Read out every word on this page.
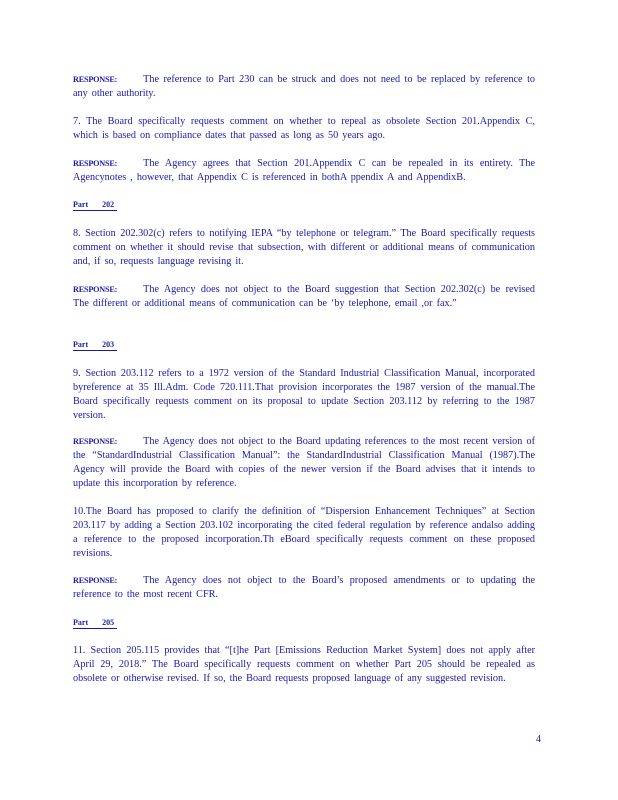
RESPONSE:	The reference to Part 230 can be struck and does not need to be replaced by reference to any other authority.
7. The Board specifically requests comment on whether to repeal as obsolete Section 201.Appendix C, which is based on compliance dates that passed as long as 50 years ago.
RESPONSE:	The Agency agrees that Section 201.Appendix C can be repealed in its entirety. The Agencynotes , however, that Appendix C is referenced in bothA ppendix A and AppendixB.
Part 202
8. Section 202.302(c) refers to notifying IEPA “by telephone or telegram.” The Board specifically requests comment on whether it should revise that subsection, with different or additional means of communication and, if so, requests language revising it.
RESPONSE:	The Agency does not object to the Board suggestion that Section 202.302(c) be revised The different or additional means of communication can be ‘by telephone, email ,or fax.”
Part 203
9. Section 203.112 refers to a 1972 version of the Standard Industrial Classification Manual, incorporated byreference at 35 Ill.Adm. Code 720.111.That provision incorporates the 1987 version of the manual.The Board specifically requests comment on its proposal to update Section 203.112 by referring to the 1987 version.
RESPONSE:	The Agency does not object to the Board updating references to the most recent version of the “StandardIndustrial Classification Manual”: the StandardIndustrial Classification Manual (1987).The Agency will provide the Board with copies of the newer version if the Board advises that it intends to update this incorporation by reference.
10.The Board has proposed to clarify the definition of “Dispersion Enhancement Techniques” at Section 203.117 by adding a Section 203.102 incorporating the cited federal regulation by reference andalso adding a reference to the proposed incorporation.Th eBoard specifically requests comment on these proposed revisions.
RESPONSE:	The Agency does not object to the Board’s proposed amendments or to updating the reference to the most recent CFR.
Part 205
11. Section 205.115 provides that “[t]he Part [Emissions Reduction Market System] does not apply after April 29, 2018.” The Board specifically requests comment on whether Part 205 should be repealed as obsolete or otherwise revised. If so, the Board requests proposed language of any suggested revision.
4
